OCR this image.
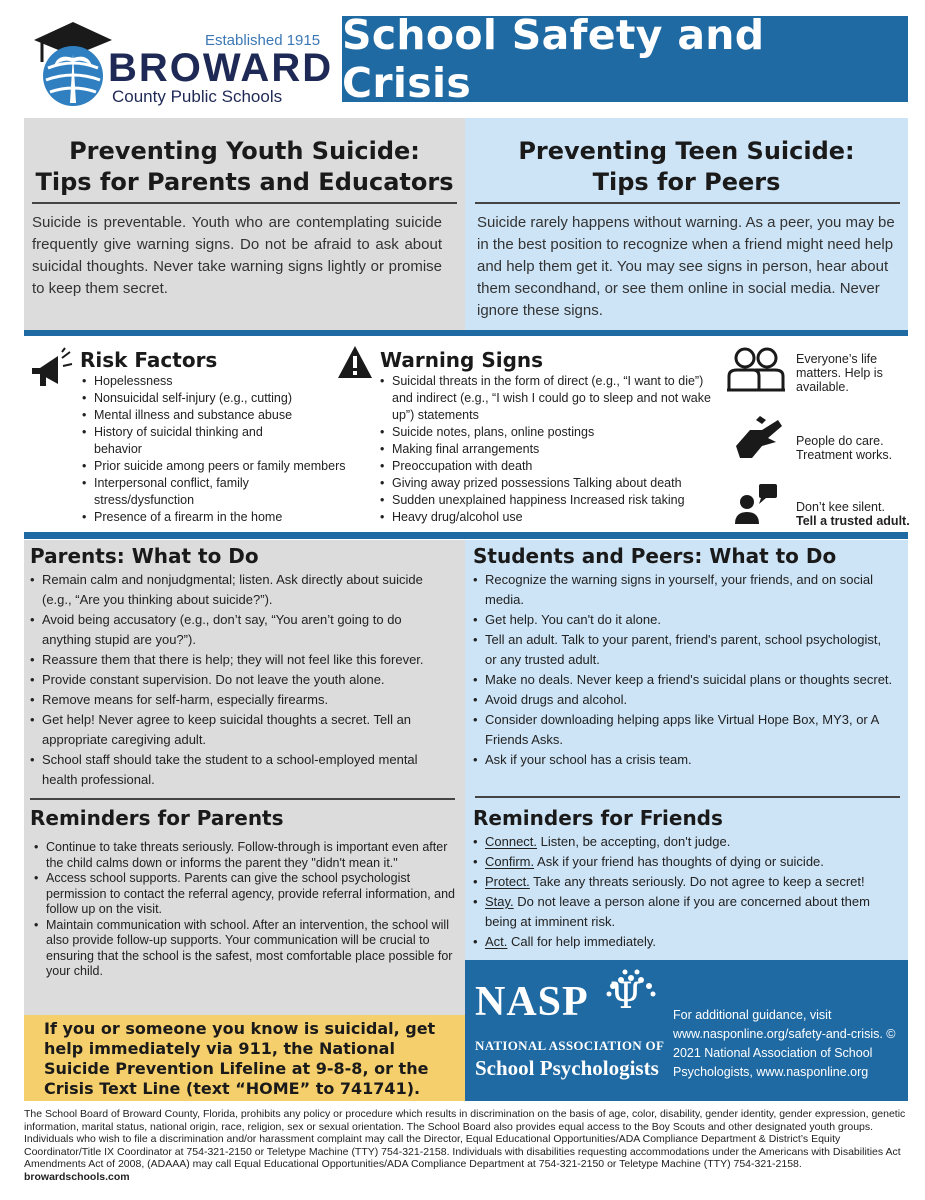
Established 1915
BROWARD
County Public Schools
School Safety and Crisis
Preventing Youth Suicide:
Tips for Parents and Educators
Suicide is preventable. Youth who are contemplating suicide frequently give warning signs. Do not be afraid to ask about suicidal thoughts. Never take warning signs lightly or promise to keep them secret.
Preventing Teen Suicide:
Tips for Peers
Suicide rarely happens without warning. As a peer, you may be in the best position to recognize when a friend might need help and help them get it. You may see signs in person, hear about them secondhand, or see them online in social media. Never ignore these signs.
Risk Factors
• Hopelessness
• Nonsuicidal self-injury (e.g., cutting)
• Mental illness and substance abuse
• History of suicidal thinking and behavior
• Prior suicide among peers or family members
• Interpersonal conflict, family stress/dysfunction
• Presence of a firearm in the home
Warning Signs
• Suicidal threats in the form of direct (e.g., “I want to die”) and indirect (e.g., “I wish I could go to sleep and not wake up”) statements
• Suicide notes, plans, online postings
• Making final arrangements
• Preoccupation with death
• Giving away prized possessions Talking about death
• Sudden unexplained happiness Increased risk taking
• Heavy drug/alcohol use
Everyone’s life matters. Help is available.
People do care. Treatment works.
Don’t kee silent.
Tell a trusted adult.
Parents: What to Do
• Remain calm and nonjudgmental; listen. Ask directly about suicide (e.g., “Are you thinking about suicide?”).
• Avoid being accusatory (e.g., don’t say, “You aren’t going to do anything stupid are you?”).
• Reassure them that there is help; they will not feel like this forever.
• Provide constant supervision. Do not leave the youth alone.
• Remove means for self-harm, especially firearms.
• Get help! Never agree to keep suicidal thoughts a secret. Tell an appropriate caregiving adult.
• School staff should take the student to a school-employed mental health professional.
Reminders for Parents
• Continue to take threats seriously. Follow-through is important even after the child calms down or informs the parent they "didn't mean it."
• Access school supports. Parents can give the school psychologist permission to contact the referral agency, provide referral information, and follow up on the visit.
• Maintain communication with school. After an intervention, the school will also provide follow-up supports. Your communication will be crucial to ensuring that the school is the safest, most comfortable place possible for your child.
Students and Peers: What to Do
• Recognize the warning signs in yourself, your friends, and on social media.
• Get help. You can't do it alone.
• Tell an adult. Talk to your parent, friend's parent, school psychologist, or any trusted adult.
• Make no deals. Never keep a friend's suicidal plans or thoughts secret.
• Avoid drugs and alcohol.
• Consider downloading helping apps like Virtual Hope Box, MY3, or A Friends Asks.
• Ask if your school has a crisis team.
Reminders for Friends
• Connect. Listen, be accepting, don't judge.
• Confirm. Ask if your friend has thoughts of dying or suicide.
• Protect. Take any threats seriously. Do not agree to keep a secret!
• Stay. Do not leave a person alone if you are concerned about them being at imminent risk.
• Act. Call for help immediately.
If you or someone you know is suicidal, get help immediately via 911, the National Suicide Prevention Lifeline at 9-8-8, or the Crisis Text Line (text “HOME” to 741741).
NASP Ψ
NATIONAL ASSOCIATION OF
School Psychologists
For additional guidance, visit www.nasponline.org/safety-and-crisis. © 2021 National Association of School Psychologists, www.nasponline.org
The School Board of Broward County, Florida, prohibits any policy or procedure which results in discrimination on the basis of age, color, disability, gender identity, gender expression, genetic information, marital status, national origin, race, religion, sex or sexual orientation. The School Board also provides equal access to the Boy Scouts and other designated youth groups. Individuals who wish to file a discrimination and/or harassment complaint may call the Director, Equal Educational Opportunities/ADA Compliance Department & District’s Equity Coordinator/Title IX Coordinator at 754-321-2150 or Teletype Machine (TTY) 754-321-2158. Individuals with disabilities requesting accommodations under the Americans with Disabilities Act Amendments Act of 2008, (ADAAA) may call Equal Educational Opportunities/ADA Compliance Department at 754-321-2150 or Teletype Machine (TTY) 754-321-2158. browardschools.com
